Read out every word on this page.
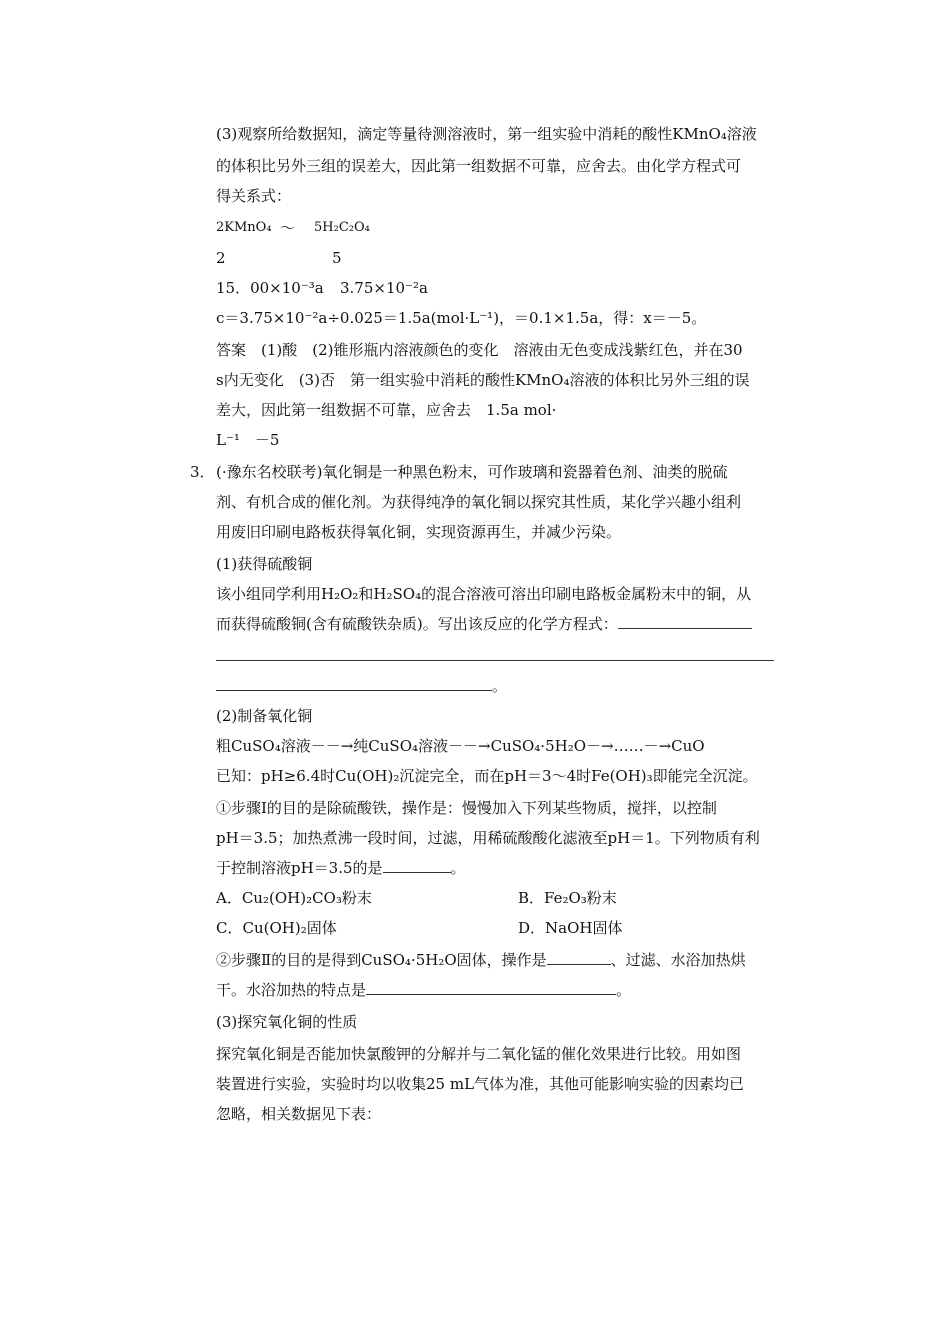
(3)观察所给数据知，滴定等量待测溶液时，第一组实验中消耗的酸性KMnO₄溶液
的体积比另外三组的误差大，因此第一组数据不可靠，应舍去。由化学方程式可
得关系式：
2KMnO₄ ～ 5H₂C₂O₄
2	5
15．00×10⁻³a 3.75×10⁻²a
c＝3.75×10⁻²a÷0.025＝1.5a(mol·L⁻¹)，＝0.1×1.5a，得：x＝－5。
答案　(1)酸　(2)锥形瓶内溶液颜色的变化　溶液由无色变成浅紫红色，并在30
s内无变化　(3)否　第一组实验中消耗的酸性KMnO₄溶液的体积比另外三组的误
差大，因此第一组数据不可靠，应舍去　1.5a mol·
L⁻¹　－5
3． (·豫东名校联考)氧化铜是一种黑色粉末，可作玻璃和瓷器着色剂、油类的脱硫
剂、有机合成的催化剂。为获得纯净的氧化铜以探究其性质，某化学兴趣小组利
用废旧印刷电路板获得氧化铜，实现资源再生，并减少污染。
(1)获得硫酸铜
该小组同学利用H₂O₂和H₂SO₄的混合溶液可溶出印刷电路板金属粉末中的铜，从
而获得硫酸铜(含有硫酸铁杂质)。写出该反应的化学方程式：
。
(2)制备氧化铜
粗CuSO₄溶液－－→纯CuSO₄溶液－－→CuSO₄·5H₂O－→……－→CuO
已知：pH≥6.4时Cu(OH)₂沉淀完全，而在pH＝3～4时Fe(OH)₃即能完全沉淀。
①步骤Ⅰ的目的是除硫酸铁，操作是：慢慢加入下列某些物质，搅拌，以控制
pH＝3.5；加热煮沸一段时间，过滤，用稀硫酸酸化滤液至pH＝1。下列物质有利
于控制溶液pH＝3.5的是	。
A．Cu₂(OH)₂CO₃粉末	B．Fe₂O₃粉末
C．Cu(OH)₂固体	D．NaOH固体
②步骤Ⅱ的目的是得到CuSO₄·5H₂O固体，操作是	、过滤、水浴加热烘
干。水浴加热的特点是	。
(3)探究氧化铜的性质
探究氧化铜是否能加快氯酸钾的分解并与二氧化锰的催化效果进行比较。用如图
装置进行实验，实验时均以收集25 mL气体为准，其他可能影响实验的因素均已
忽略，相关数据见下表：
